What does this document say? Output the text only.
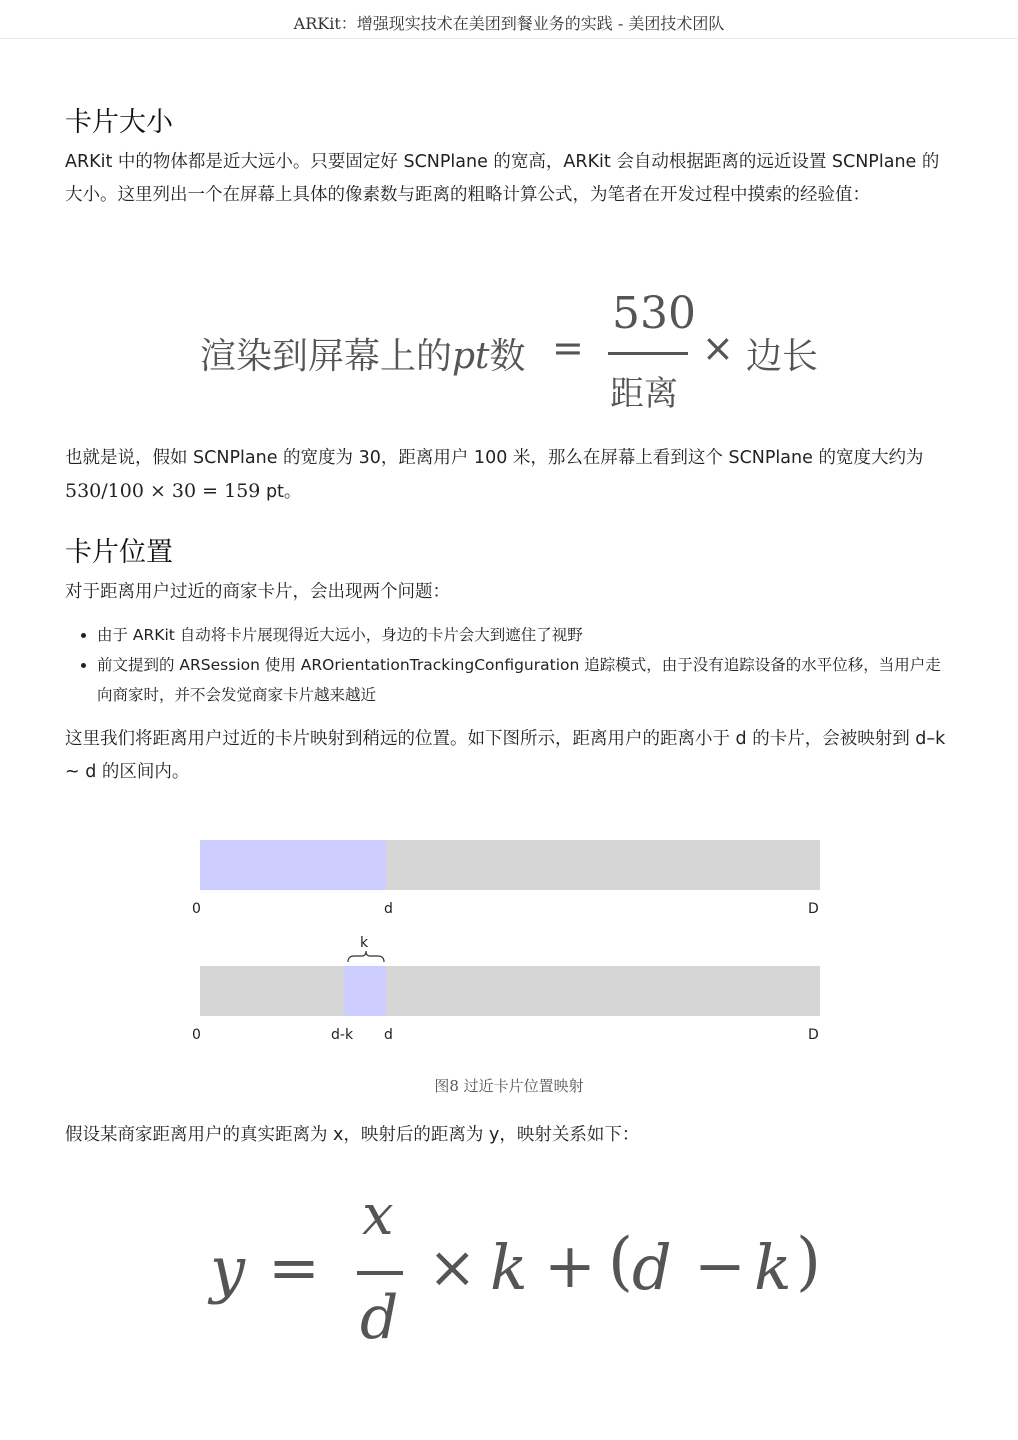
ARKit：增强现实技术在美团到餐业务的实践 - 美团技术团队
卡片大小

ARKit 中的物体都是近大远小。只要固定好 SCNPlane 的宽高，ARKit 会自动根据距离的远近设置 SCNPlane 的大小。这里列出一个在屏幕上具体的像素数与距离的粗略计算公式，为笔者在开发过程中摸索的经验值：

也就是说，假如 SCNPlane 的宽度为 30，距离用户 100 米，那么在屏幕上看到这个 SCNPlane 的宽度大约为 530/100 × 30 = 159 pt。

卡片位置

对于距离用户过近的商家卡片，会出现两个问题：

• 由于 ARKit 自动将卡片展现得近大远小，身边的卡片会大到遮住了视野
• 前文提到的 ARSession 使用 AROrientationTrackingConfiguration 追踪模式，由于没有追踪设备的水平位移，当用户走向商家时，并不会发觉商家卡片越来越近

这里我们将距离用户过近的卡片映射到稍远的位置。如下图所示，距离用户的距离小于 d 的卡片，会被映射到 d–k ~ d 的区间内。

假设某商家距离用户的真实距离为 x，映射后的距离为 y，映射关系如下：

渲染到屏幕上的pt数 =
530
距离
× 边长
0	d	D
k
0	d-k d	D
图8 过近卡片位置映射
y =
x
d
× k + ( d − k )
